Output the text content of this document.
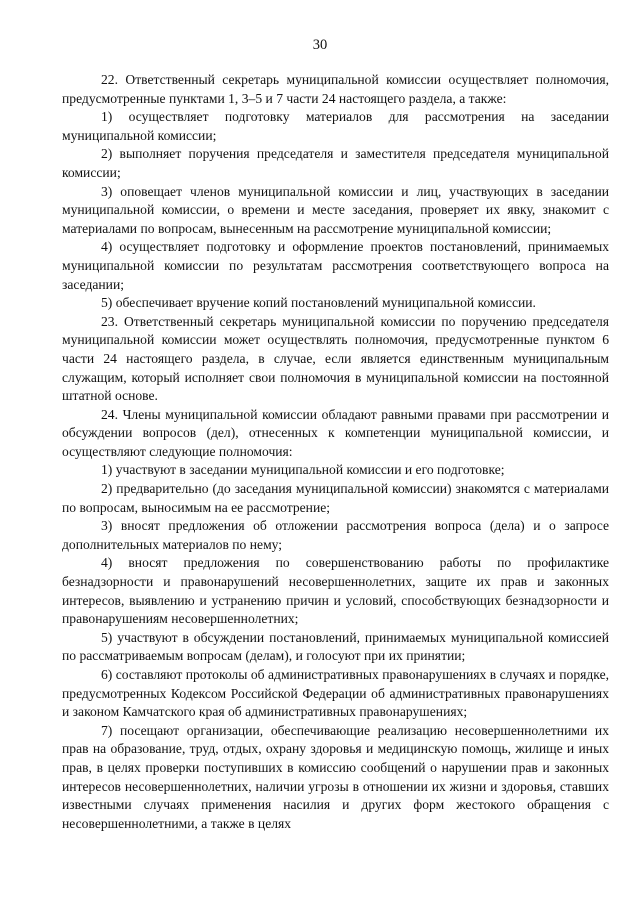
30

22. Ответственный секретарь муниципальной комиссии осуществляет полномочия, предусмотренные пунктами 1, 3–5 и 7 части 24 настоящего раздела, а также:

1) осуществляет подготовку материалов для рассмотрения на заседании муниципальной комиссии;

2) выполняет поручения председателя и заместителя председателя муниципальной комиссии;

3) оповещает членов муниципальной комиссии и лиц, участвующих в заседании муниципальной комиссии, о времени и месте заседания, проверяет их явку, знакомит с материалами по вопросам, вынесенным на рассмотрение муниципальной комиссии;

4) осуществляет подготовку и оформление проектов постановлений, принимаемых муниципальной комиссии по результатам рассмотрения соответствующего вопроса на заседании;

5) обеспечивает вручение копий постановлений муниципальной комиссии.

23. Ответственный секретарь муниципальной комиссии по поручению председателя муниципальной комиссии может осуществлять полномочия, предусмотренные пунктом 6 части 24 настоящего раздела, в случае, если является единственным муниципальным служащим, который исполняет свои полномочия в муниципальной комиссии на постоянной штатной основе.

24. Члены муниципальной комиссии обладают равными правами при рассмотрении и обсуждении вопросов (дел), отнесенных к компетенции муниципальной комиссии, и осуществляют следующие полномочия:

1) участвуют в заседании муниципальной комиссии и его подготовке;

2) предварительно (до заседания муниципальной комиссии) знакомятся с материалами по вопросам, выносимым на ее рассмотрение;

3) вносят предложения об отложении рассмотрения вопроса (дела) и о запросе дополнительных материалов по нему;

4) вносят предложения по совершенствованию работы по профилактике безнадзорности и правонарушений несовершеннолетних, защите их прав и законных интересов, выявлению и устранению причин и условий, способствующих безнадзорности и правонарушениям несовершеннолетних;

5) участвуют в обсуждении постановлений, принимаемых муниципальной комиссией по рассматриваемым вопросам (делам), и голосуют при их принятии;

6) составляют протоколы об административных правонарушениях в случаях и порядке, предусмотренных Кодексом Российской Федерации об административных правонарушениях и законом Камчатского края об административных правонарушениях;

7) посещают организации, обеспечивающие реализацию несовершеннолетними их прав на образование, труд, отдых, охрану здоровья и медицинскую помощь, жилище и иных прав, в целях проверки поступивших в комиссию сообщений о нарушении прав и законных интересов несовершеннолетних, наличии угрозы в отношении их жизни и здоровья, ставших известными случаях применения насилия и других форм жестокого обращения с несовершеннолетними, а также в целях
